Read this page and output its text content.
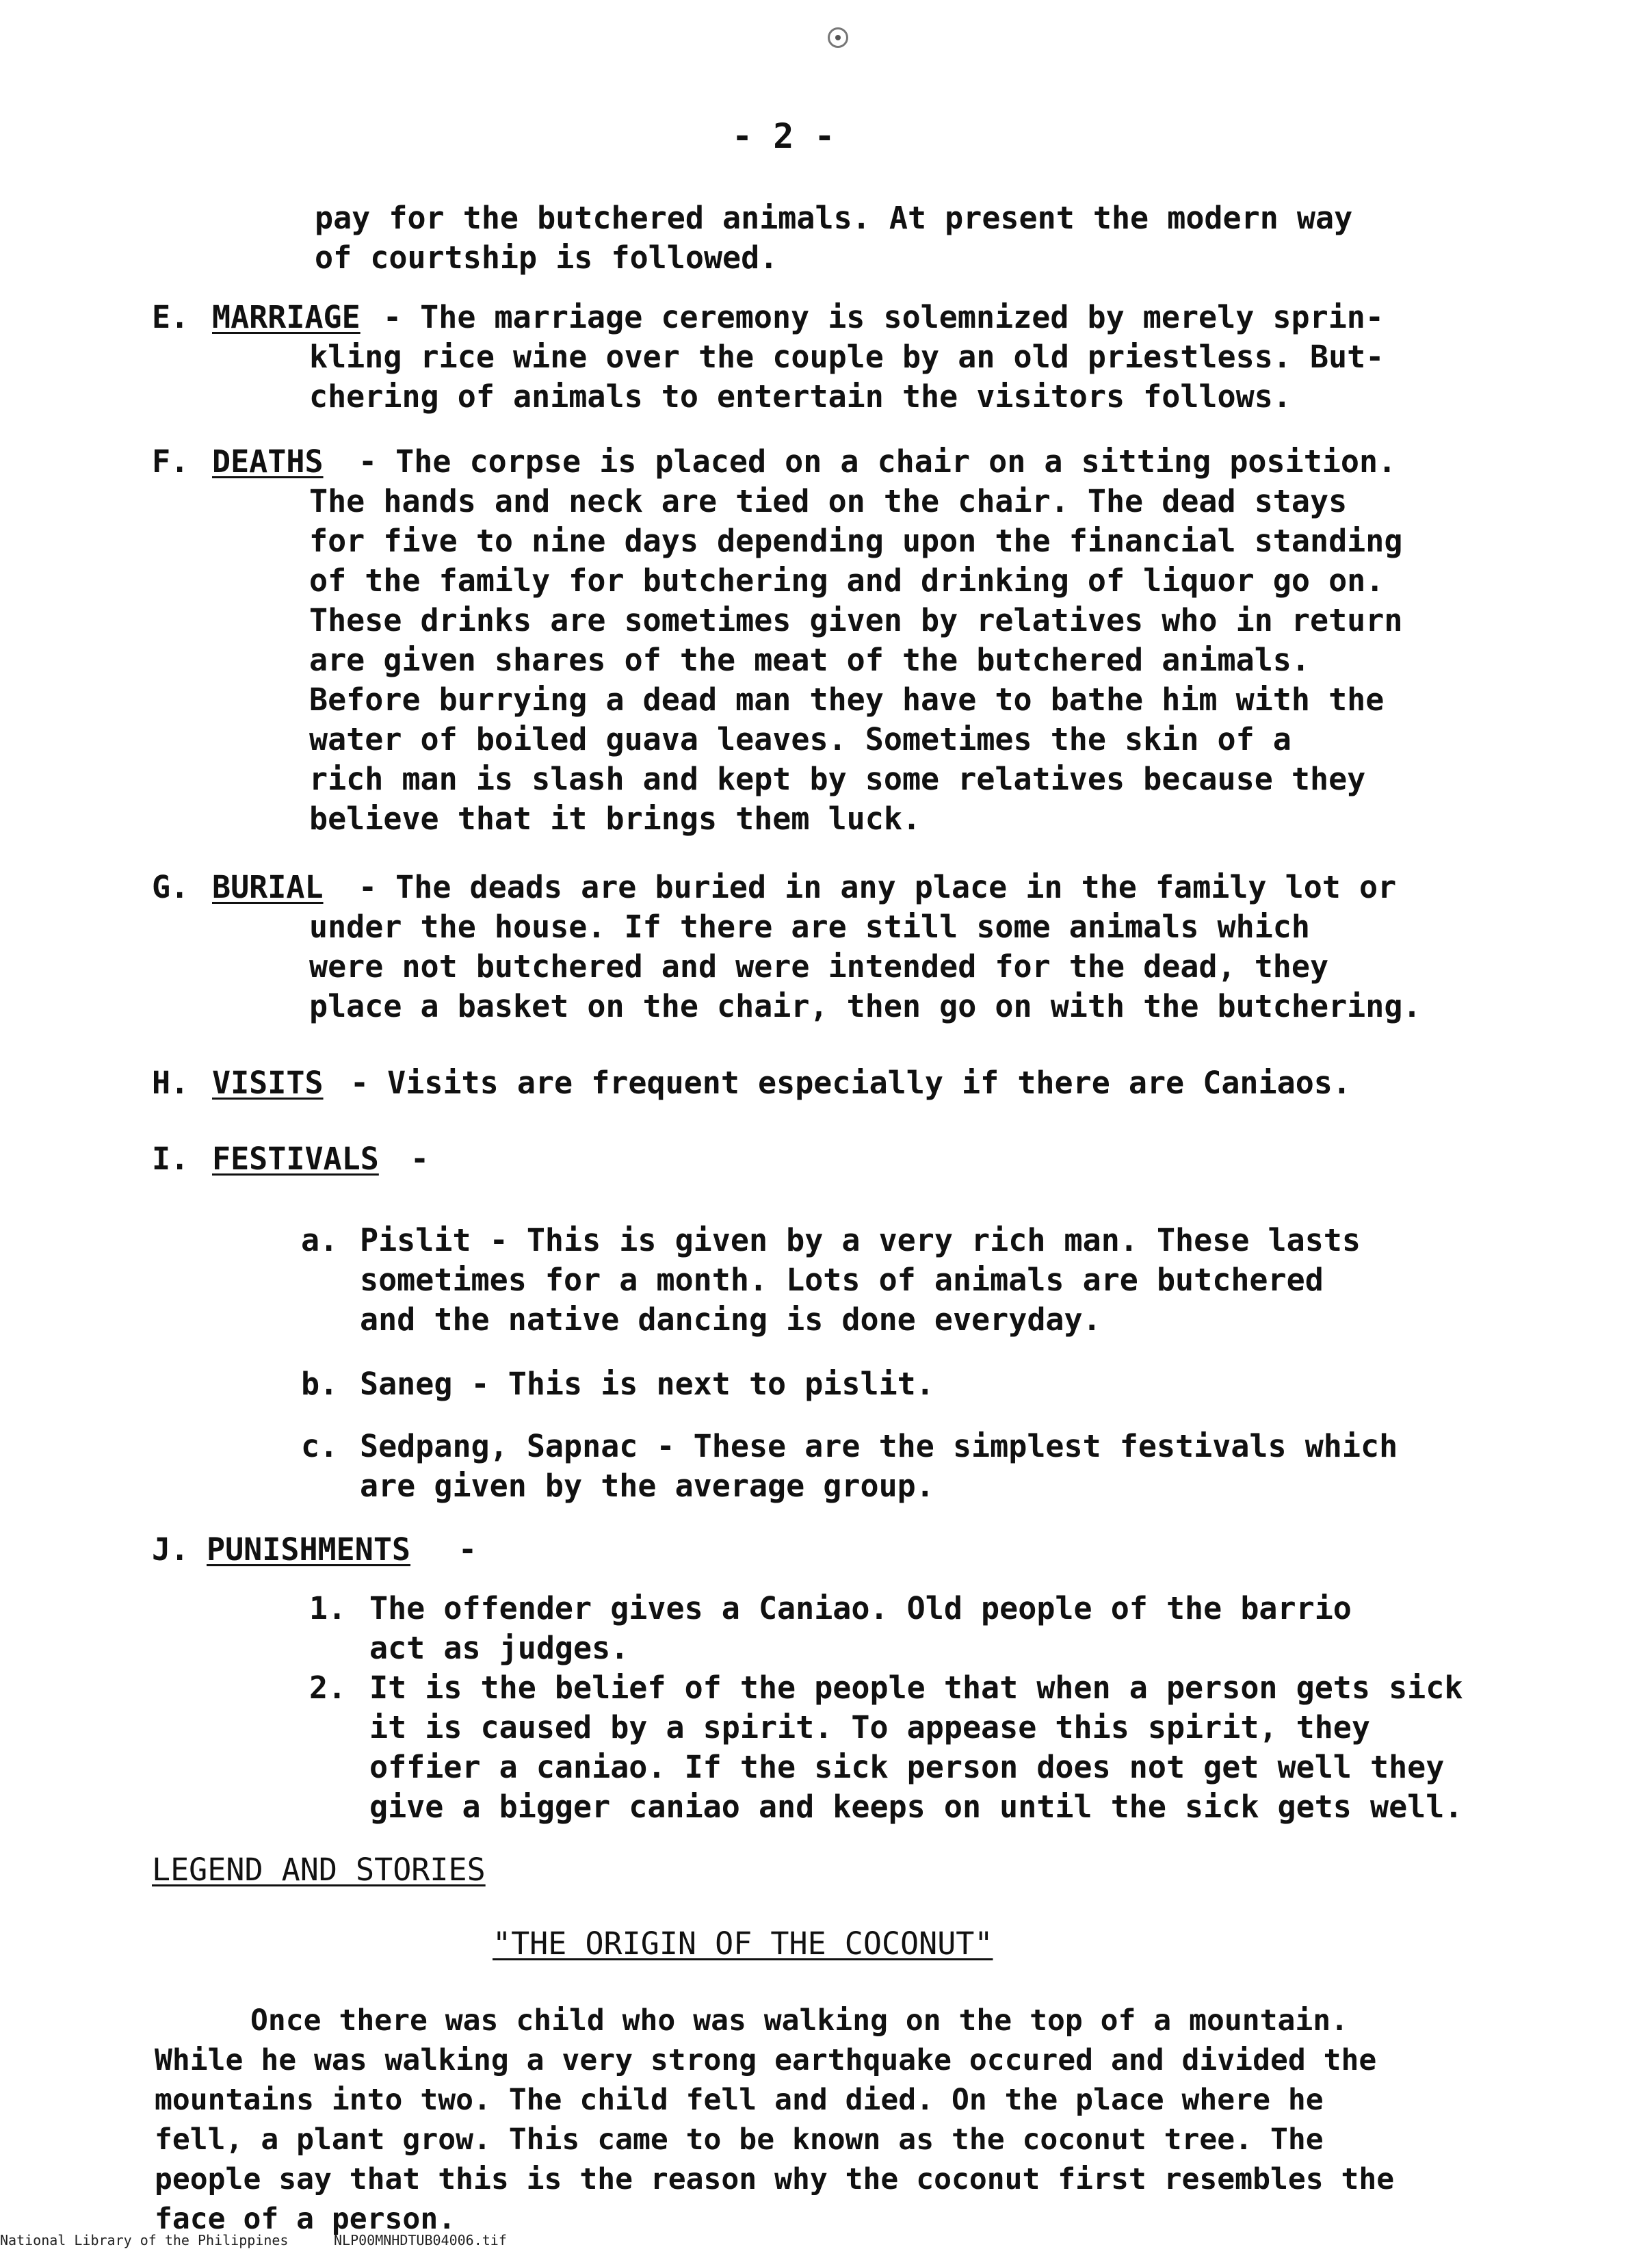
- 2 -
pay for the butchered animals. At present the modern way
of courtship is followed.
E. MARRIAGE - The marriage ceremony is solemnized by merely sprin-
kling rice wine over the couple by an old priestless. But-
chering of animals to entertain the visitors follows.
F. DEATHS	- The corpse is placed on a chair on a sitting position.
The hands and neck are tied on the chair. The dead stays
for five to nine days depending upon the financial standing
of the family for butchering and drinking of liquor go on.
These drinks are sometimes given by relatives who in return
are given shares of the meat of the butchered animals.
Before burrying a dead man they have to bathe him with the
water of boiled guava leaves. Sometimes the skin of a
rich man is slash and kept by some relatives because they
believe that it brings them luck.
G. BURIAL	- The deads are buried in any place in the family lot or
under the house. If there are still some animals which
were not butchered and were intended for the dead, they
place a basket on the chair, then go on with the butchering.
H. VISITS - Visits are frequent especially if there are Caniaos.
I. FESTIVALS -
a. Pislit - This is given by a very rich man. These lasts
sometimes for a month. Lots of animals are butchered
and the native dancing is done everyday.
b. Saneg - This is next to pislit.
c. Sedpang, Sapnac - These are the simplest festivals which
are given by the average group.
J. PUNISHMENTS -
1. The offender gives a Caniao. Old people of the barrio
act as judges.
2. It is the belief of the people that when a person gets sick
it is caused by a spirit. To appease this spirit, they
offier a caniao. If the sick person does not get well they
give a bigger caniao and keeps on until the sick gets well.
LEGEND AND STORIES
"THE ORIGIN OF THE COCONUT"
Once there was child who was walking on the top of a mountain.
While he was walking a very strong earthquake occured and divided the
mountains into two. The child fell and died. On the place where he
fell, a plant grow. This came to be known as the coconut tree. The
people say that this is the reason why the coconut first resembles the
face of a person.
National Library of the Philippines	NLP00MNHDTUB04006.tif
